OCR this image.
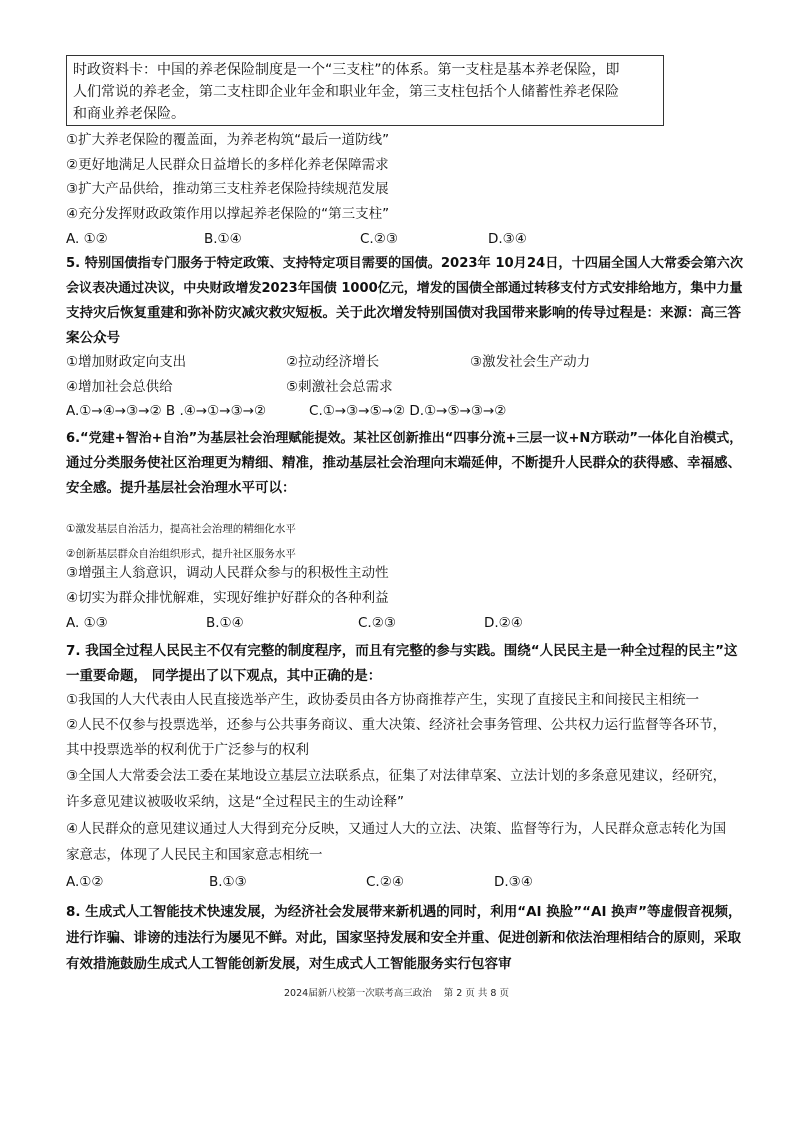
时政资料卡：中国的养老保险制度是一个“三支柱”的体系。第一支柱是基本养老保险，即
人们常说的养老金，第二支柱即企业年金和职业年金，第三支柱包括个人储蓄性养老保险
和商业养老保险。
①扩大养老保险的覆盖面，为养老构筑“最后一道防线”
②更好地满足人民群众日益增长的多样化养老保障需求
③扩大产品供给，推动第三支柱养老保险持续规范发展
④充分发挥财政政策作用以撑起养老保险的“第三支柱”
A. ①②	B.①④	C.②③	D.③④
5. 特别国债指专门服务于特定政策、支持特定项目需要的国债。2023年 10月24日，十四届全国人大常委会第六次
会议表决通过决议，中央财政增发2023年国债 1000亿元，增发的国债全部通过转移支付方式安排给地方，集中力量
支持灾后恢复重建和弥补防灾减灾救灾短板。关于此次增发特别国债对我国带来影响的传导过程是：来源：高三答
案公众号
①增加财政定向支出	②拉动经济增长	③激发社会生产动力
④增加社会总供给	⑤刺激社会总需求
A.①→④→③→② B .④→①→③→②          C.①→③→⑤→② D.①→⑤→③→②
6.“党建+智治+自治”为基层社会治理赋能提效。某社区创新推出“四事分流+三层一议+N方联动”一体化自治模式，
通过分类服务使社区治理更为精细、精准，推动基层社会治理向末端延伸，不断提升人民群众的获得感、幸福感、
安全感。提升基层社会治理水平可以：
①激发基层自治活力，提高社会治理的精细化水平
②创新基层群众自治组织形式，提升社区服务水平
③增强主人翁意识，调动人民群众参与的积极性主动性
④切实为群众排忧解难，实现好维护好群众的各种利益
A. ①③	B.①④	C.②③	D.②④
7. 我国全过程人民民主不仅有完整的制度程序，而且有完整的参与实践。围绕“人民民主是一种全过程的民主”这
一重要命题， 同学提出了以下观点，其中正确的是：
①我国的人大代表由人民直接选举产生，政协委员由各方协商推荐产生，实现了直接民主和间接民主相统一
②人民不仅参与投票选举，还参与公共事务商议、重大决策、经济社会事务管理、公共权力运行监督等各环节，
其中投票选举的权利优于广泛参与的权利
③全国人大常委会法工委在某地设立基层立法联系点，征集了对法律草案、立法计划的多条意见建议，经研究，
许多意见建议被吸收采纳，这是“全过程民主的生动诠释”
④人民群众的意见建议通过人大得到充分反映，又通过人大的立法、决策、监督等行为，人民群众意志转化为国
家意志，体现了人民民主和国家意志相统一
A.①②	B.①③	C.②④	D.③④
8. 生成式人工智能技术快速发展，为经济社会发展带来新机遇的同时，利用“AI 换脸”“AI 换声”等虚假音视频，
进行诈骗、诽谤的违法行为屡见不鲜。对此，国家坚持发展和安全并重、促进创新和依法治理相结合的原则，采取
有效措施鼓励生成式人工智能创新发展，对生成式人工智能服务实行包容审
2024届新八校第一次联考高三政治    第 2 页 共 8 页
